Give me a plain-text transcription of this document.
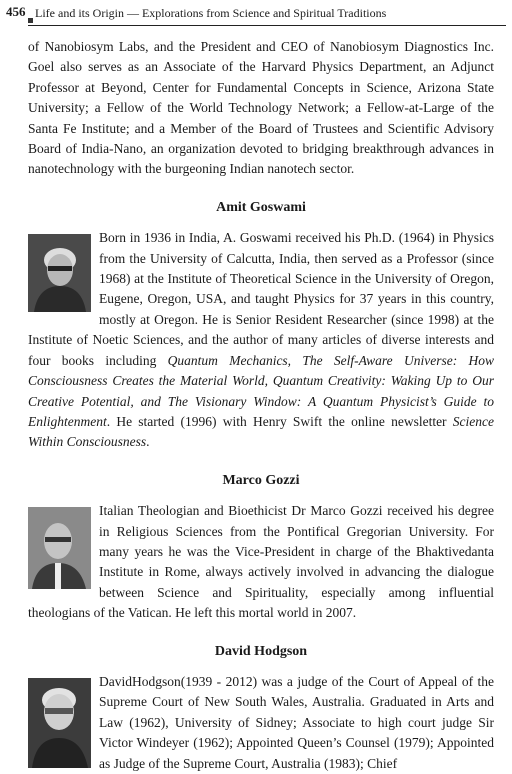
456 Life and its Origin — Explorations from Science and Spiritual Traditions

of Nanobiosym Labs, and the President and CEO of Nanobiosym Diagnostics Inc. Goel also serves as an Associate of the Harvard Physics Department, an Adjunct Professor at Beyond, Center for Fundamental Concepts in Science, Arizona State University; a Fellow of the World Technology Network; a Fellow-at-Large of the Santa Fe Institute; and a Member of the Board of Trustees and Scientific Advisory Board of India-Nano, an organization devoted to bridging breakthrough advances in nanotechnology with the burgeoning Indian nanotech sector.

Amit Goswami

Born in 1936 in India, A. Goswami received his Ph.D. (1964) in Physics from the University of Calcutta, India, then served as a Professor (since 1968) at the Institute of Theoretical Science in the University of Oregon, Eugene, Oregon, USA, and taught Physics for 37 years in this country, mostly at Oregon. He is Senior Resident Researcher (since 1998) at the Institute of Noetic Sciences, and the author of many articles of diverse interests and four books including Quantum Mechanics, The Self-Aware Universe: How Consciousness Creates the Material World, Quantum Creativity: Waking Up to Our Creative Potential, and The Visionary Window: A Quantum Physicist’s Guide to Enlightenment. He started (1996) with Henry Swift the online newsletter Science Within Consciousness.

Marco Gozzi

Italian Theologian and Bioethicist Dr Marco Gozzi received his degree in Religious Sciences from the Pontifical Gregorian University. For many years he was the Vice-President in charge of the Bhaktivedanta Institute in Rome, always actively involved in advancing the dialogue between Science and Spirituality, especially among influential theologians of the Vatican. He left this mortal world in 2007.

David Hodgson

DavidHodgson(1939 - 2012) was a judge of the Court of Appeal of the Supreme Court of New South Wales, Australia. Graduated in Arts and Law (1962), University of Sidney; Associate to high court judge Sir Victor Windeyer (1962); Appointed Queen’s Counsel (1979); Appointed as Judge of the Supreme Court, Australia (1983); Chief
